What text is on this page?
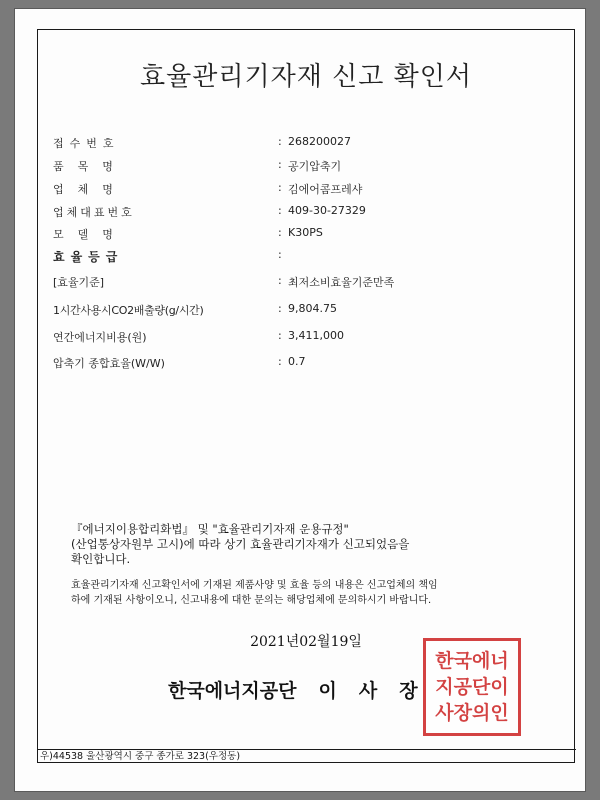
효율관리기자재 신고 확인서
접수번호	: 268200027
품목명	: 공기압축기
업체명	: 김에어콤프레샤
업체대표번호	: 409-30-27329
모델명	: K30PS
효율등급	:
[효율기준]	: 최저소비효율기준만족
1시간사용시CO2배출량(g/시간)	: 9,804.75
연간에너지비용(원)	: 3,411,000
압축기 종합효율(W/W)	: 0.7
『에너지이용합리화법』 및 "효율관리기자재 운용규정"
(산업통상자원부 고시)에 따라 상기 효율관리기자재가 신고되었음을
확인합니다.
효율관리기자재 신고확인서에 기재된 제품사양 및 효율 등의 내용은 신고업체의 책임
하에 기재된 사항이오니, 신고내용에 대한 문의는 해당업체에 문의하시기 바랍니다.
2021년02월19일
한국에너지공단 이사장
한국에너
지공단이
사장의인
우)44538 울산광역시 중구 종가로 323(우정동)
